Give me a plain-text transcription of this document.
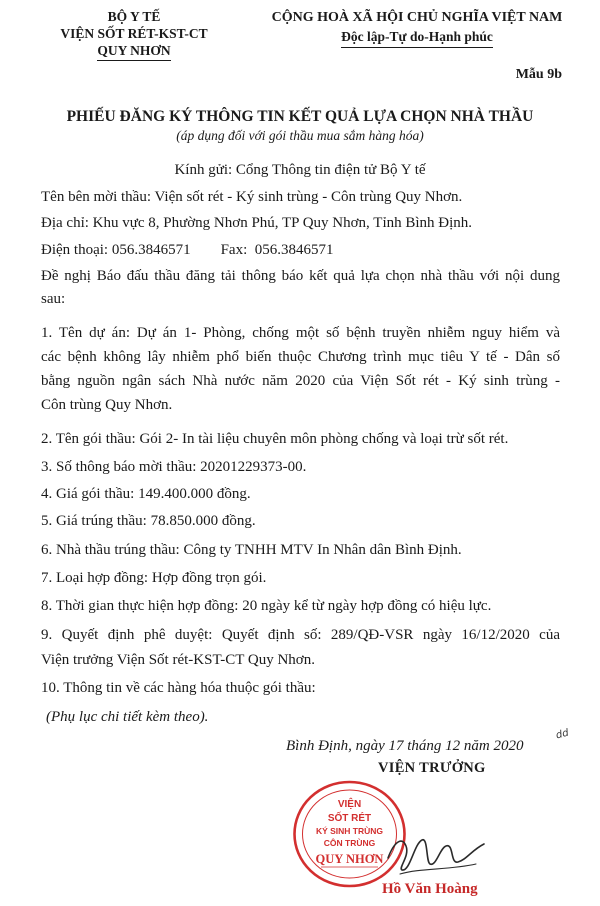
BỘ Y TẾ
VIỆN SỐT RÉT-KST-CT
QUY NHƠN
CỘNG HOÀ XÃ HỘI CHỦ NGHĨA VIỆT NAM
Độc lập-Tự do-Hạnh phúc
Mẫu 9b
PHIẾU ĐĂNG KÝ THÔNG TIN KẾT QUẢ LỰA CHỌN NHÀ THẦU
(áp dụng đối với gói thầu mua sắm hàng hóa)
Kính gửi: Cổng Thông tin điện tử Bộ Y tế
Tên bên mời thầu: Viện sốt rét - Ký sinh trùng - Côn trùng Quy Nhơn.
Địa chỉ: Khu vực 8, Phường Nhơn Phú, TP Quy Nhơn, Tỉnh Bình Định.
Điện thoại: 056.3846571        Fax:  056.3846571
Đề nghị Báo đấu thầu đăng tải thông báo kết quả lựa chọn nhà thầu với nội dung
sau:
1. Tên dự án: Dự án 1- Phòng, chống một số bệnh truyền nhiễm nguy hiểm và
các bệnh không lây nhiễm phổ biến thuộc Chương trình mục tiêu Y tế - Dân số
bằng nguồn ngân sách Nhà nước năm 2020 của Viện Sốt rét - Ký sinh trùng -
Côn trùng Quy Nhơn.
2. Tên gói thầu: Gói 2- In tài liệu chuyên môn phòng chống và loại trừ sốt rét.
3. Số thông báo mời thầu: 20201229373-00.
4. Giá gói thầu: 149.400.000 đồng.
5. Giá trúng thầu: 78.850.000 đồng.
6. Nhà thầu trúng thầu: Công ty TNHH MTV In Nhân dân Bình Định.
7. Loại hợp đồng: Hợp đồng trọn gói.
8. Thời gian thực hiện hợp đồng: 20 ngày kể từ ngày hợp đồng có hiệu lực.
9. Quyết định phê duyệt: Quyết định số: 289/QĐ-VSR ngày 16/12/2020 của
Viện trưởng Viện Sốt rét-KST-CT Quy Nhơn.
10. Thông tin về các hàng hóa thuộc gói thầu:
(Phụ lục chi tiết kèm theo).
Bình Định, ngày 17 tháng 12 năm 2020
dd
VIỆN TRƯỞNG
VIỆN
SỐT RÉT
KÝ SINH TRÙNG
CÔN TRÙNG
QUY NHƠN
Hồ Văn Hoàng
